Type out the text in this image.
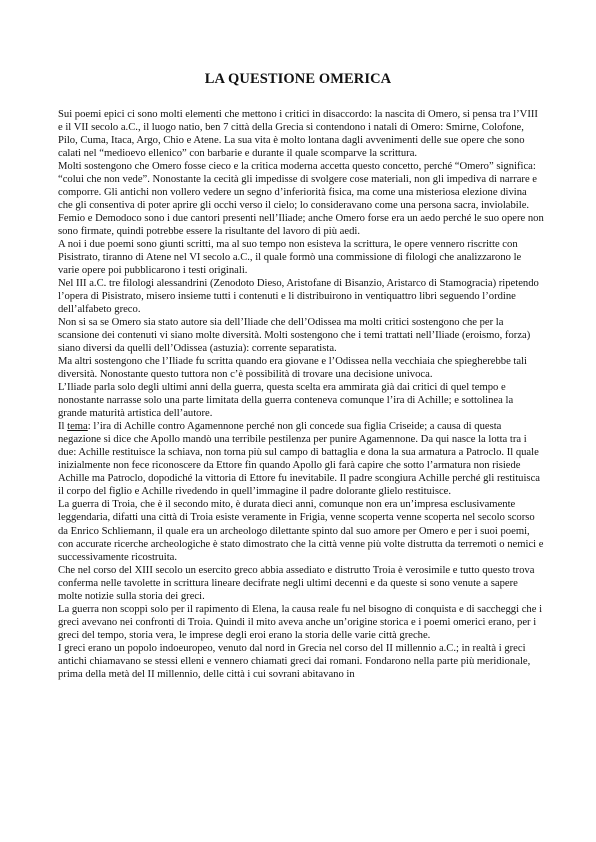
LA QUESTIONE OMERICA

Sui poemi epici ci sono molti elementi che mettono i critici in disaccordo: la nascita di Omero, si pensa tra l’VIII e il VII secolo a.C., il luogo natio, ben 7 città della Grecia si contendono i natali di Omero: Smirne, Colofone, Pilo, Cuma, Itaca, Argo, Chio e Atene. La sua vita è molto lontana dagli avvenimenti delle sue opere che sono calati nel “medioevo ellenico” con barbarie e durante il quale scomparve la scrittura.

Molti sostengono che Omero fosse cieco e la critica moderna accetta questo concetto, perché “Omero” significa: “colui che non vede”. Nonostante la cecità gli impedisse di svolgere cose materiali, non gli impediva di narrare e comporre. Gli antichi non vollero vedere un segno d’inferiorità fisica, ma come una misteriosa elezione divina che gli consentiva di poter aprire gli occhi verso il cielo; lo consideravano come una persona sacra, inviolabile.

Femio e Demodoco sono i due cantori presenti nell’Iliade; anche Omero forse era un aedo perché le suo opere non sono firmate, quindi potrebbe essere la risultante del lavoro di più aedi.

A noi i due poemi sono giunti scritti, ma al suo tempo non esisteva la scrittura, le opere vennero riscritte con Pisistrato, tiranno di Atene nel VI secolo a.C., il quale formò una commissione di filologi che analizzarono le varie opere poi pubblicarono i testi originali.

Nel III a.C. tre filologi alessandrini (Zenodoto Dieso, Aristofane di Bisanzio, Aristarco di Stamogracia) ripetendo l’opera di Pisistrato, misero insieme tutti i contenuti e li distribuirono in ventiquattro libri seguendo l’ordine dell’alfabeto greco.

Non si sa se Omero sia stato autore sia dell’Iliade che dell’Odissea ma molti critici sostengono che per la scansione dei contenuti vi siano molte diversità. Molti sostengono che i temi trattati nell’Iliade (eroismo, forza) siano diversi da quelli dell’Odissea (astuzia): corrente separatista.

Ma altri sostengono che l’Iliade fu scritta quando era giovane e l’Odissea nella vecchiaia che spiegherebbe tali diversità. Nonostante questo tuttora non c’è possibilità di trovare una decisione univoca.

L’Iliade parla solo degli ultimi anni della guerra, questa scelta era ammirata già dai critici di quel tempo e nonostante narrasse solo una parte limitata della guerra conteneva comunque l’ira di Achille; e sottolinea la grande maturità artistica dell’autore.

Il tema: l’ira di Achille contro Agamennone perché non gli concede sua figlia Criseide; a causa di questa negazione si dice che Apollo mandò una terribile pestilenza per punire Agamennone. Da qui nasce la lotta tra i due: Achille restituisce la schiava, non torna più sul campo di battaglia e dona la sua armatura a Patroclo. Il quale inizialmente non fece riconoscere da Ettore fin quando Apollo gli farà capire che sotto l’armatura non risiede Achille ma Patroclo, dopodiché la vittoria di Ettore fu inevitabile. Il padre scongiura Achille perché gli restituisca il corpo del figlio e Achille rivedendo in quell’immagine il padre dolorante glielo restituisce.

La guerra di Troia, che è il secondo mito, è durata dieci anni, comunque non era un’impresa esclusivamente leggendaria, difatti una città di Troia esiste veramente in Frigia, venne scoperta venne scoperta nel secolo scorso da Enrico Schliemann, il quale era un archeologo dilettante spinto dal suo amore per Omero e per i suoi poemi, con accurate ricerche archeologiche è stato dimostrato che la città venne più volte distrutta da terremoti o nemici e successivamente ricostruita.

Che nel corso del XIII secolo un esercito greco abbia assediato e distrutto Troia è verosimile e tutto questo trova conferma nelle tavolette in scrittura lineare decifrate negli ultimi decenni e da queste si sono venute a sapere molte notizie sulla storia dei greci.

La guerra non scoppì solo per il rapimento di Elena, la causa reale fu nel bisogno di conquista e di saccheggi che i greci avevano nei confronti di Troia. Quindi il mito aveva anche un’origine storica e i poemi omerici erano, per i greci del tempo, storia vera, le imprese degli eroi erano la storia delle varie città greche.

I greci erano un popolo indoeuropeo, venuto dal nord in Grecia nel corso del II millennio a.C.; in realtà i greci antichi chiamavano se stessi elleni e vennero chiamati greci dai romani. Fondarono nella parte più meridionale, prima della metà del II millennio, delle città i cui sovrani abitavano in
